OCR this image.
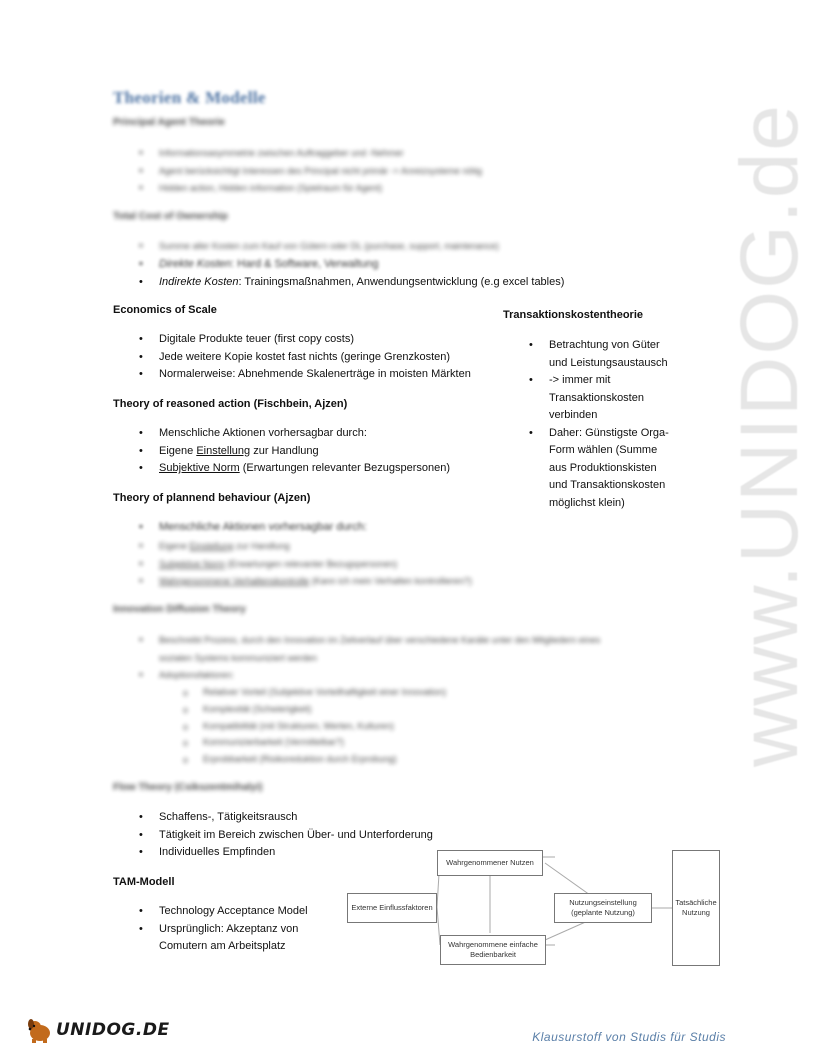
www.UNIDOG.de
Theorien & Modelle

Principal Agent Theorie

• Informationsasymmetrie zwischen Auftraggeber und -Nehmer
• Agent berücksichtigt Interessen des Principal nicht primär -> Anreizsysteme nötig
• Hidden action, Hidden information (Spielraum für Agent)

Total Cost of Ownership

• Summe aller Kosten zum Kauf von Gütern oder DL (purchase, support, maintenance)
• Direkte Kosten: Hard & Software, Verwaltung
• Indirekte Kosten: Trainingsmaßnahmen, Anwendungsentwicklung (e.g excel tables)

Economics of Scale

• Digitale Produkte teuer (first copy costs)
• Jede weitere Kopie kostet fast nichts (geringe Grenzkosten)
• Normalerweise: Abnehmende Skalenerträge in moisten Märkten

Transaktionskostentheorie

• Betrachtung von Güter und Leistungsaustausch
• -> immer mit Transaktionskosten verbinden
• Daher: Günstigste Orga-Form wählen (Summe aus Produktionskisten und Transaktionskosten möglichst klein)

Theory of reasoned action (Fischbein, Ajzen)

• Menschliche Aktionen vorhersagbar durch:
• Eigene Einstellung zur Handlung
• Subjektive Norm (Erwartungen relevanter Bezugspersonen)

Theory of plannend behaviour (Ajzen)

• Menschliche Aktionen vorhersagbar durch:
• Eigene Einstellung zur Handlung
• Subjektive Norm (Erwartungen relevanter Bezugspersonen)
• Wahrgenommene Verhaltenskontrolle (Kann ich mein Verhalten kontrollieren?)

Innovation Diffusion Theory

• Beschreibt Prozess, durch den Innovation im Zeitverlauf über verschiedene Kanäle unter den Mitgliedern eines sozialen Systems kommuniziert werden
• Adoptionsfaktoren:
o Relativer Vorteil (Subjektive Vorteilhaftigkeit einer Innovation)
o Komplexität (Schwierigkeit)
o Kompatibilität (mit Strukturen, Werten, Kulturen)
o Kommunizierbarkeit (Vermittelbar?)
o Erprobbarkeit (Risikoreduktion durch Erprobung)

Flow Theory (Csikszentmihalyi)

• Schaffens-, Tätigkeitsrausch
• Tätigkeit im Bereich zwischen Über- und Unterforderung
• Individuelles Empfinden

TAM-Modell

• Technology Acceptance Model
• Ursprünglich: Akzeptanz von Comutern am Arbeitsplatz
Wahrgenommener Nutzen
Externe Einflussfaktoren
Nutzungseinstellung (geplante Nutzung)
Wahrgenommene einfache Bedienbarkeit
Tatsächliche Nutzung
UNIDOG.DE	Klausurstoff von Studis für Studis
